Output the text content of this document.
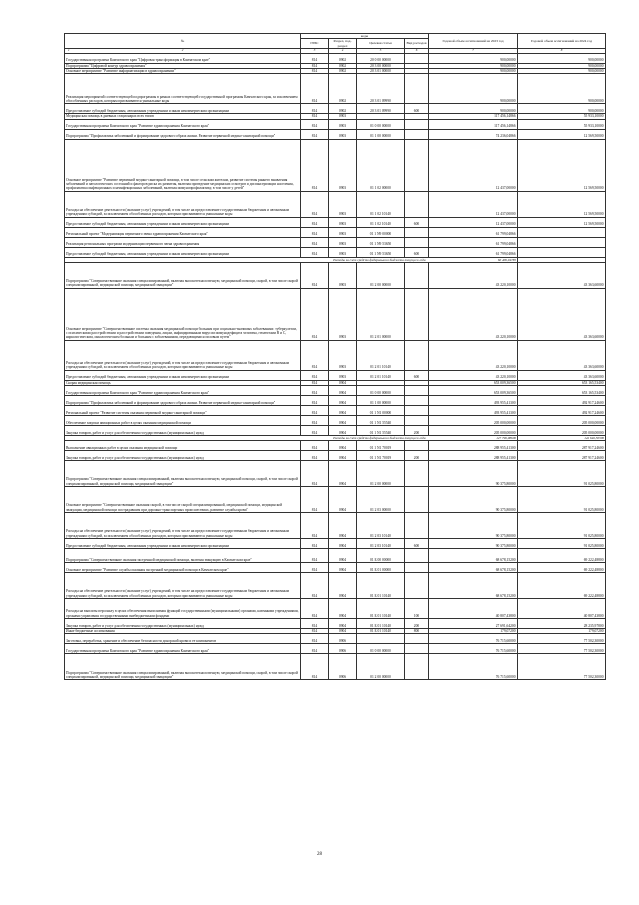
№	коды				Годовой объем ассигнований на 2023 год	Годовой объем ассигнований на 2024 год
	ГРБС	Раздел, под-раздел	Целевая статья	Вид расходов		

1 2	3	4	5	6	7	8
Государственная программа Камчатского края "Цифровая трансформация в Камчатском крае"	814	0902	20 0 00 00000		900,00000	900,00000
Подпрограмма "Цифровой контур здравоохранения"	814	0902	20 3 00 00000		900,00000	900,00000
Основное мероприятие "Развитие информатизации в здравоохранении"	814	0902	20 3 01 00000		900,00000	900,00000
Реализация мероприятий соответствующей подпрограммы в рамках соответствующей государственной программы Камчатского края, за исключением обособленных расходов, которым присваиваются уникальные коды	814	0902	20 3 01 09990		900,00000	900,00000
Предоставление субсидий бюджетным, автономным учреждениям и иным некоммерческим организациям	814	0902	20 3 01 09990	600	900,00000	900,00000
Медицинская помощь в дневных стационарах всех типов	814	0903			117 456,14866	55 933,10000
Государственная программа Камчатского края "Развитие здравоохранения Камчатского края"	814	0903	01 0 00 00000		117 456,14866	55 933,10000
Подпрограмма "Профилактика заболеваний и формирование здорового образа жизни. Развитие первичной медико-санитарной помощи"	814	0903	01 1 00 00000		74 236,04866	12 569,50000
Основное мероприятие "Развитие первичной медико-санитарной помощи, в том числе сельским жителям, развитие системы раннего выявления заболеваний и патологических состояний и факторов риска их развития, включая проведение медицинских осмотров и диспансеризации населения, профилактика инфекционных и неинфекционных заболеваний, включая иммунопрофилактику, в том числе у детей"	814	0903	01 1 02 00000		12 437,00000	12 569,50000
Расходы на обеспечение деятельности (оказание услуг) учреждений, в том числе на предоставление государственным бюджетным и автономным учреждениям субсидий, за исключением обособленных расходов, которым присваиваются уникальные коды	814	0903	01 1 02 10140		12 437,00000	12 569,50000
Предоставление субсидий бюджетным, автономным учреждениям и иным некоммерческим организациям	814	0903	01 1 02 10140	600	12 437,00000	12 569,50000
Региональный проект "Модернизация первичного звена здравоохранения Камчатского края"	814	0903	01 1 N9 00000		61 799,04866	
Реализация региональных программ модернизации первичного звена здравоохранения	814	0903	01 1 N9 53650		61 799,04866	
Предоставление субсидий бюджетным, автономным учреждениям и иным некоммерческим организациям	814	0903	01 1 N9 53650	600	61 799,04866	
Расходы за счет средств федерального бюджета текущего года					60 406,94785	
Подпрограмма "Совершенствование оказания специализированной, включая высокотехнологичную, медицинской помощи, скорой, в том числе скорой специализированной, медицинской помощи, медицинской эвакуации"	814	0903	01 2 00 00000		43 220,10000	43 363,60000
Основное мероприятие "Совершенствование системы оказания медицинской помощи больным при социально-значимых заболеваниях: туберкулезом, с психическими расстройствами и расстройствами поведения, лицам, инфицированным вирусом иммунодефицита человека, гепатитами В и С, наркологическим, онкологическим больным и больным с заболеваниями, передающимися половым путем"	814	0903	01 2 01 00000		43 220,10000	43 363,60000
Расходы на обеспечение деятельности (оказание услуг) учреждений, в том числе на предоставление государственным бюджетным и автономным учреждениям субсидий, за исключением обособленных расходов, которым присваиваются уникальные коды	814	0903	01 2 01 10140		43 220,10000	43 363,60000
Предоставление субсидий бюджетным, автономным учреждениям и иным некоммерческим организациям	814	0903	01 2 01 10140	600	43 220,10000	43 363,60000
Скорая медицинская помощь	814	0904			653 009,36500	653 165,53400
Государственная программа Камчатского края "Развитие здравоохранения Камчатского края"	814	0904	01 0 00 00000		653 009,36500	653 165,53400
Подпрограмма "Профилактика заболеваний и формирование здорового образа жизни. Развитие первичной медико-санитарной помощи"	814	0904	01 1 00 00000		493 955,41300	492 917,24600
Региональный проект "Развитие системы оказания первичной медико-санитарной помощи"	814	0904	01 1 N1 00000		493 955,41300	492 917,24600
Обеспечение закупки авиационных работ в целях оказания медицинской помощи	814	0904	01 1 N1 55540		205 000,00000	205 000,00000
Закупка товаров, работ и услуг для обеспечения государственных (муниципальных) нужд	814	0904	01 1 N1 55540	200	205 000,00000	205 000,00000
Расходы за счет средств федерального бюджета текущего года					127 796,98600	142 646,50300
Выполнение авиационных работ в целях оказания медицинской помощи	814	0904	01 1 N1 70019		288 955,41300	287 917,24600
Закупка товаров, работ и услуг для обеспечения государственных (муниципальных) нужд	814	0904	01 1 N1 70019	200	288 955,41300	287 917,24600
Подпрограмма "Совершенствование оказания специализированной, включая высокотехнологичную, медицинской помощи, скорой, в том числе скорой специализированной, медицинской помощи, медицинской эвакуации"	814	0904	01 2 00 00000		90 375,80000	91 025,80000
Основное мероприятие "Совершенствование оказания скорой, в том числе скорой специализированной, медицинской помощи, медицинской эвакуации, медицинской помощи пострадавшим при дорожно-транспортных происшествиях, развитие службы крови"	814	0904	01 2 03 00000		90 375,80000	91 025,80000
Расходы на обеспечение деятельности (оказание услуг) учреждений, в том числе на предоставление государственным бюджетным и автономным учреждениям субсидий, за исключением обособленных расходов, которым присваиваются уникальные коды	814	0904	01 2 03 10140		90 375,80000	91 025,80000
Предоставление субсидий бюджетным, автономным учреждениям и иным некоммерческим организациям	814	0904	01 2 03 10140	600	90 375,80000	91 025,80000
Подпрограмма "Совершенствование оказания экстренной медицинской помощи, включая эвакуацию в Камчатском крае"	814	0904	01 Б 00 00000		68 678,15200	69 222,48800
Основное мероприятие "Развитие службы оказания экстренной медицинской помощи в Камчатском крае"	814	0904	01 Б 01 00000		68 678,15200	69 222,48800
Расходы на обеспечение деятельности (оказание услуг) учреждений, в том числе на предоставление государственным бюджетным и автономным учреждениям субсидий, за исключением обособленных расходов, которым присваиваются уникальные коды	814	0904	01 Б 01 10140		68 678,15200	69 222,48800
Расходы на выплаты персоналу в целях обеспечения выполнения функций государственными (муниципальными) органами, казенными учреждениями, органами управления государственными внебюджетными фондами	814	0904	01 Б 01 10140	100	40 807,43800	40 807,43800
Закупка товаров, работ и услуг для обеспечения государственных (муниципальных) нужд	814	0904	01 Б 01 10140	200	27 691,64200	28 235,97800
Иные бюджетные ассигнования	814	0904	01 Б 01 10140	800	179,07200	179,07200
Заготовка, переработка, хранение и обеспечение безопасности донорской крови и ее компонентов	814	0906			76 715,60000	77 502,30000
Государственная программа Камчатского края "Развитие здравоохранения Камчатского края"	814	0906	01 0 00 00000		76 715,60000	77 502,30000
Подпрограмма "Совершенствование оказания специализированной, включая высокотехнологичную, медицинской помощи, скорой, в том числе скорой специализированной, медицинской помощи, медицинской эвакуации"	814	0906	01 2 00 00000		76 715,60000	77 502,30000
28
